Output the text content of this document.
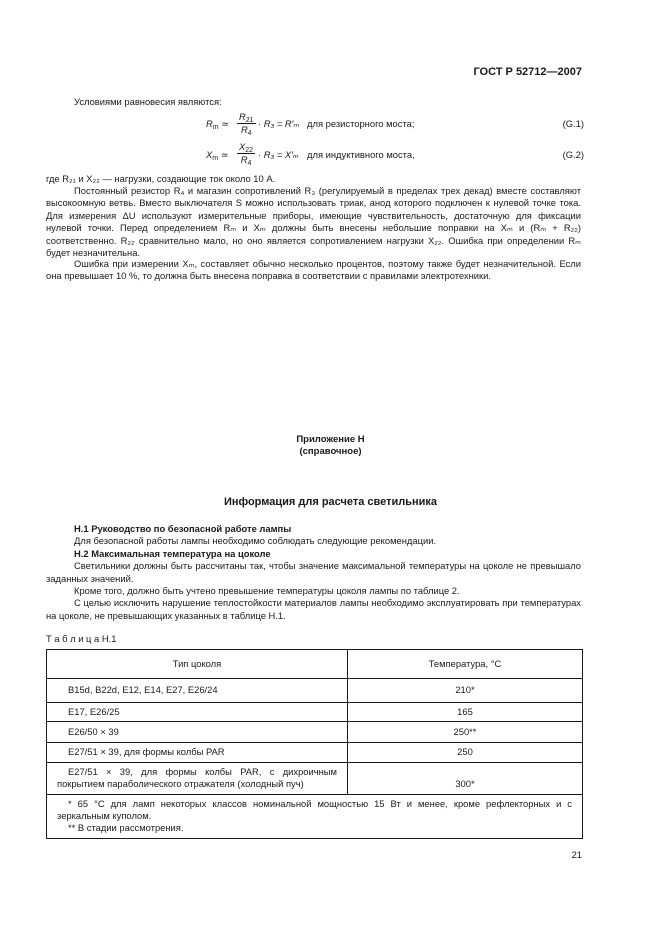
ГОСТ Р 52712—2007
Условиями равновесия являются:
$R_m$ ≃ $\frac{R_{21}}{R_4} \cdot R_3 = R'_m$ для резисторного моста;	(G.1)
$X_m$ ≃ $\frac{X_{22}}{R_4} \cdot R_3 = X'_m$ для индуктивного моста,	(G.2)
где R₂₁ и X₂₂ — нагрузки, создающие ток около 10 А.
Постоянный резистор R₄ и магазин сопротивлений R₃ (регулируемый в пределах трех декад) вместе составляют высокоомную ветвь. Вместо выключателя S можно использовать триак, анод которого подключен к нулевой точке тока. Для измерения ΔU используют измерительные приборы, имеющие чувствительность, достаточную для фиксации нулевой точки. Перед определением Rₘ и Xₘ должны быть внесены небольшие поправки на Xₘ и (Rₘ + R₂₂) соответственно. R₂₂ сравнительно мало, но оно является сопротивлением нагрузки X₂₂. Ошибка при определении Rₘ будет незначительна.
Ошибка при измерении Xₘ, составляет обычно несколько процентов, поэтому также будет незначительной. Если она превышает 10 %, то должна быть внесена поправка в соответствии с правилами электротехники.
Приложение Н
(справочное)
Информация для расчета светильника
Н.1 Руководство по безопасной работе лампы
Для безопасной работы лампы необходимо соблюдать следующие рекомендации.
Н.2 Максимальная температура на цоколе
Светильники должны быть рассчитаны так, чтобы значение максимальной температуры на цоколе не превышало заданных значений.
Кроме того, должно быть учтено превышение температуры цоколя лампы по таблице 2.
С целью исключить нарушение теплостойкости материалов лампы необходимо эксплуатировать при температурах на цоколе, не превышающих указанных в таблице Н.1.
Т а б л и ц а Н.1
Тип цоколя	Температура, °С
B15d, B22d, E12, E14, E27, E26/24	210*
E17, E26/25	165
E26/50 × 39	250**
E27/51 × 39, для формы колбы PAR	250
E27/51 × 39, для формы колбы PAR, с дихроичным покрытием параболического отражателя (холодный пуч)	300*

* 65 °С для ламп некоторых классов номинальной мощностью 15 Вт и менее, кроме рефлекторных и с зеркальным куполом.
** В стадии рассмотрения.	
21
